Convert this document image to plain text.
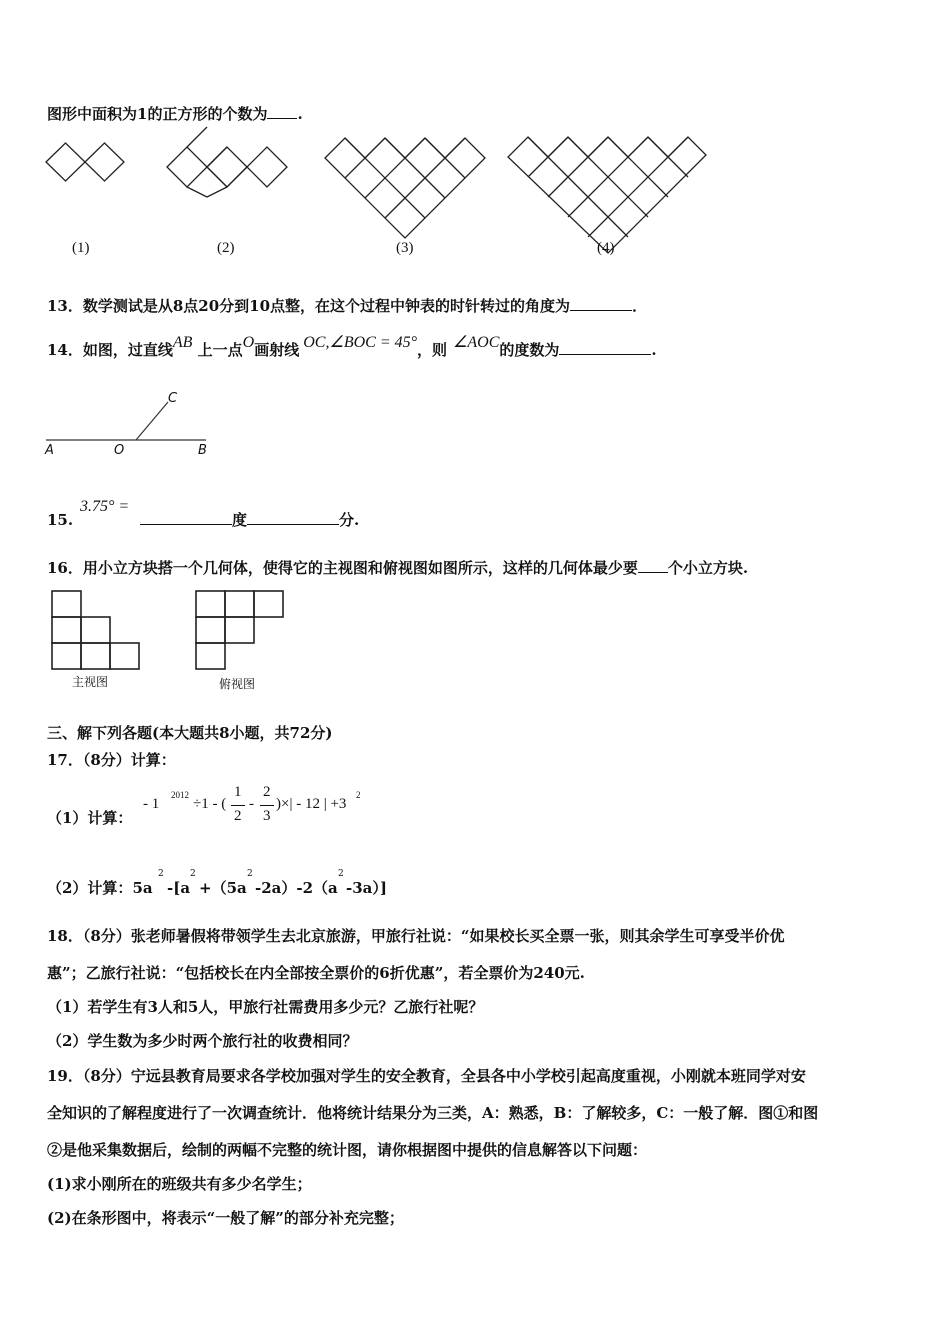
图形中面积为1的正方形的个数为 .
(1)	(2)	(3)	(4)
13．数学测试是从8点20分到10点整，在这个过程中钟表的时针转过的角度为	．
14．如图，过直线AB 上一点O画射线 OC,∠BOC = 45°，则 ∠AOC的度数为	.
A	O	B
C
15.
3.75° =
度	分.
16．用小立方块搭一个几何体，使得它的主视图和俯视图如图所示，这样的几何体最少要 个小立方块.
主视图	俯视图
三、解下列各题(本大题共8小题，共72分)
17．（8分）计算：
（1）计算：
- 1
2012
÷1 - (
1
2
-
2
3
)×| - 12 | +3
2
（2）计算：5a
2
-[a
2
+（5a
2
-2a）-2（a
2
-3a）]
18．（8分）张老师暑假将带领学生去北京旅游，甲旅行社说：“如果校长买全票一张，则其余学生可享受半价优
惠”；乙旅行社说：“包括校长在内全部按全票价的6折优惠”，若全票价为240元.
（1）若学生有3人和5人，甲旅行社需费用多少元？乙旅行社呢？
（2）学生数为多少时两个旅行社的收费相同？
19．（8分）宁远县教育局要求各学校加强对学生的安全教育，全县各中小学校引起高度重视，小刚就本班同学对安
全知识的了解程度进行了一次调查统计．他将统计结果分为三类，A：熟悉，B：了解较多，C：一般了解．图①和图
②是他采集数据后，绘制的两幅不完整的统计图，请你根据图中提供的信息解答以下问题：
(1)求小刚所在的班级共有多少名学生；
(2)在条形图中，将表示“一般了解”的部分补充完整；
